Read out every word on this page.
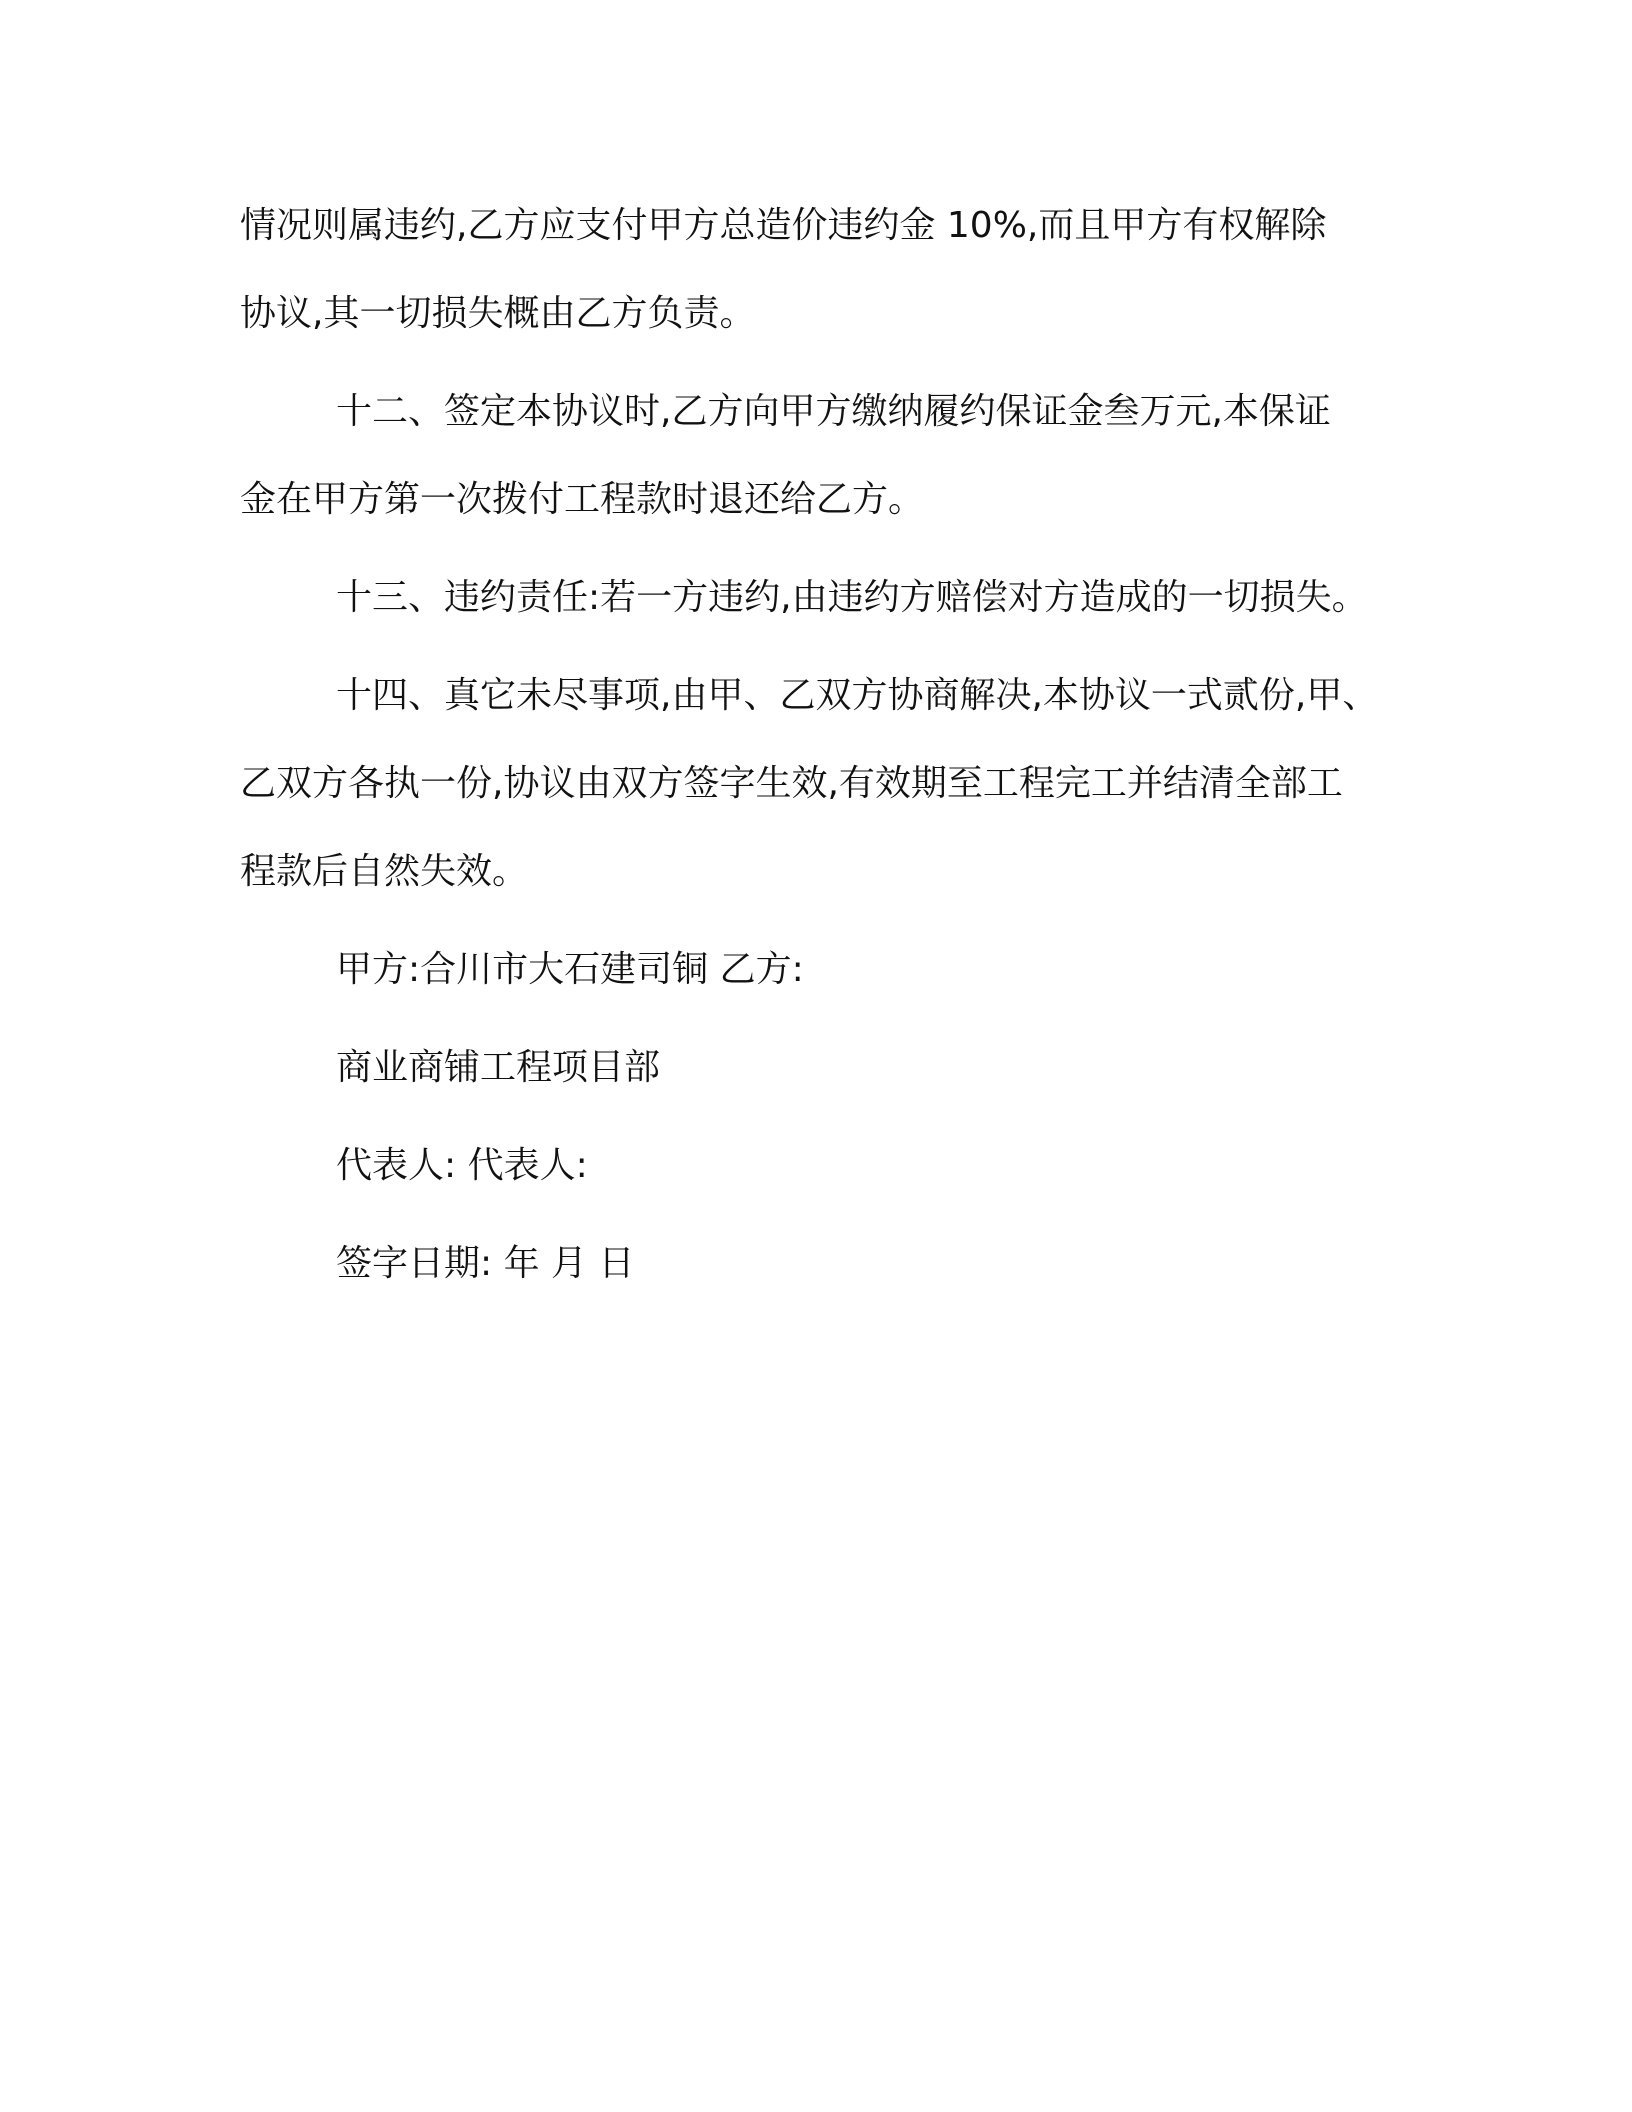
情况则属违约,乙方应支付甲方总造价违约金 10%,而且甲方有权解除
协议,其一切损失概由乙方负责。

十二、签定本协议时,乙方向甲方缴纳履约保证金叁万元,本保证
金在甲方第一次拨付工程款时退还给乙方。

十三、违约责任:若一方违约,由违约方赔偿对方造成的一切损失。

十四、真它未尽事项,由甲、乙双方协商解决,本协议一式贰份,甲、
乙双方各执一份,协议由双方签字生效,有效期至工程完工并结清全部工
程款后自然失效。

甲方:合川市大石建司铜 乙方:

商业商铺工程项目部

代表人: 代表人:

签字日期: 年 月 日
